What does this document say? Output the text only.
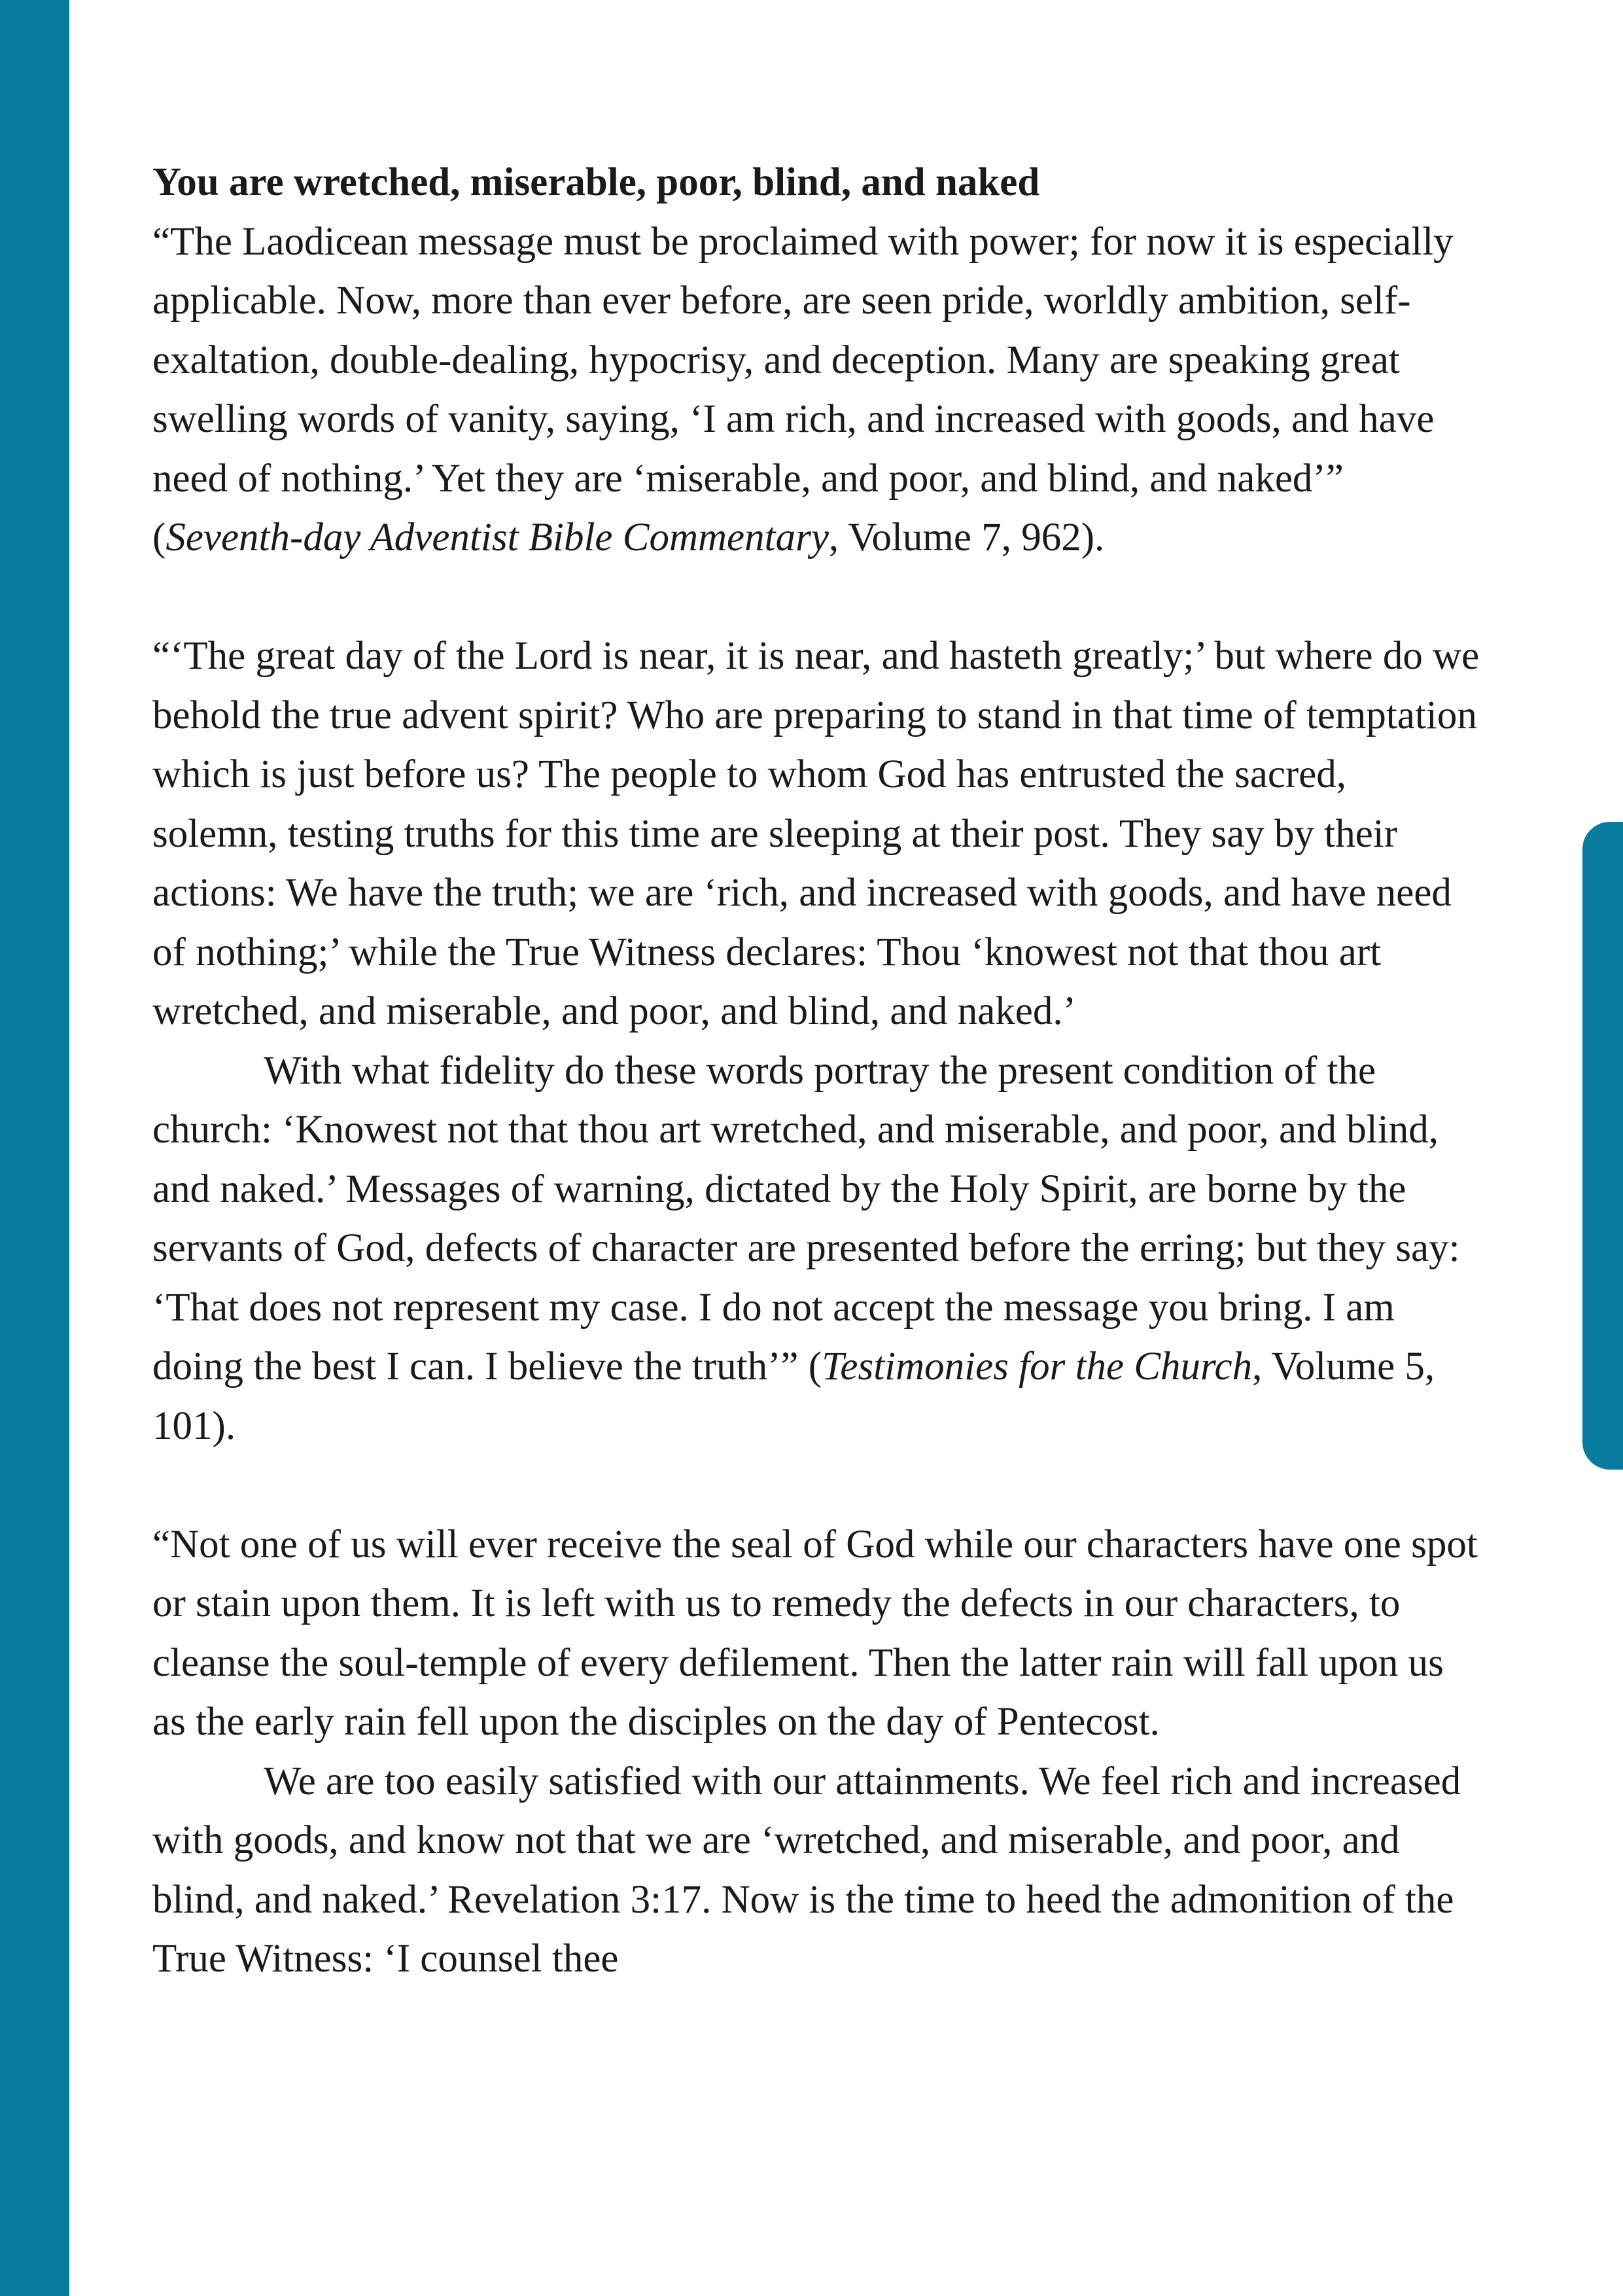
You are wretched, miserable, poor, blind, and naked

“The Laodicean message must be proclaimed with power; for now it is especially applicable. Now, more than ever before, are seen pride, worldly ambition, self-exaltation, double-dealing, hypocrisy, and deception. Many are speaking great swelling words of vanity, saying, ‘I am rich, and increased with goods, and have need of nothing.’ Yet they are ‘miserable, and poor, and blind, and naked’” (Seventh-day Adventist Bible Commentary, Volume 7, 962).

“‘The great day of the Lord is near, it is near, and hasteth greatly;’ but where do we behold the true advent spirit? Who are preparing to stand in that time of temptation which is just before us? The people to whom God has entrusted the sacred, solemn, testing truths for this time are sleeping at their post. They say by their actions: We have the truth; we are ‘rich, and increased with goods, and have need of nothing;’ while the True Witness declares: Thou ‘knowest not that thou art wretched, and miserable, and poor, and blind, and naked.’

With what fidelity do these words portray the present condition of the church: ‘Knowest not that thou art wretched, and miserable, and poor, and blind, and naked.’ Messages of warning, dictated by the Holy Spirit, are borne by the servants of God, defects of character are presented before the erring; but they say: ‘That does not represent my case. I do not accept the message you bring. I am doing the best I can. I believe the truth’” (Testimonies for the Church, Volume 5, 101).

“Not one of us will ever receive the seal of God while our characters have one spot or stain upon them. It is left with us to remedy the defects in our characters, to cleanse the soul-temple of every defilement. Then the latter rain will fall upon us as the early rain fell upon the disciples on the day of Pentecost.

We are too easily satisfied with our attainments. We feel rich and increased with goods, and know not that we are ‘wretched, and miserable, and poor, and blind, and naked.’ Revelation 3:17. Now is the time to heed the admonition of the True Witness: ‘I counsel thee
